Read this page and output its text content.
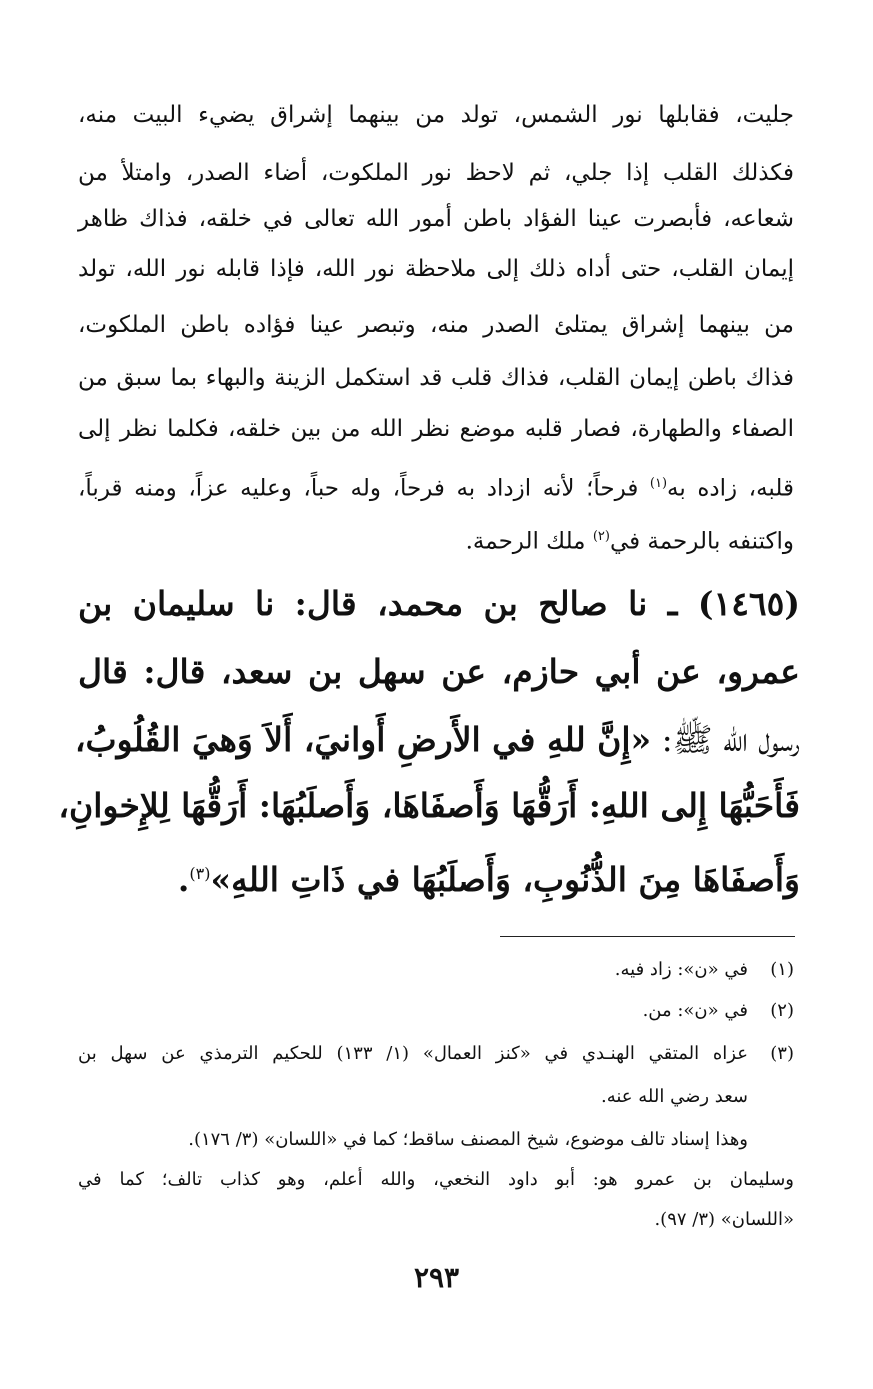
جليت، فقابلها نور الشمس، تولد من بينهما إشراق يضيء البيت منه،
فكذلك القلب إذا جلي، ثم لاحظ نور الملكوت، أضاء الصدر، وامتلأ من
شعاعه، فأبصرت عينا الفؤاد باطن أمور الله تعالى في خلقه، فذاك ظاهر
إيمان القلب، حتى أداه ذلك إلى ملاحظة نور الله، فإذا قابله نور الله، تولد
من بينهما إشراق يمتلئ الصدر منه، وتبصر عينا فؤاده باطن الملكوت،
فذاك باطن إيمان القلب، فذاك قلب قد استكمل الزينة والبهاء بما سبق من
الصفاء والطهارة، فصار قلبه موضع نظر الله من بين خلقه، فكلما نظر إلى
قلبه، زاده به$^{(١)}$ فرحاً؛ لأنه ازداد به فرحاً، وله حباً، وعليه عزاً، ومنه قرباً،
واكتنفه بالرحمة في$^{(٢)}$ ملك الرحمة.
(١٤٦٥) ـ نا صالح بن محمد، قال: نا سليمان بن
عمرو، عن أبي حازم، عن سهل بن سعد، قال: قال
رسول الله ﷺ: «إِنَّ للهِ في الأَرضِ أَوانيَ، أَلاَ وَهيَ القُلُوبُ،
فَأَحَبُّهَا إِلى اللهِ: أَرَقُّهَا وَأَصفَاهَا، وَأَصلَبُهَا: أَرَقُّهَا لِلإِخوانِ،
وَأَصفَاهَا مِنَ الذُّنُوبِ، وَأَصلَبُهَا في ذَاتِ اللهِ»$^{(٣)}$.
(١)
في «ن»: زاد فيه.
(٢)
في «ن»: من.
(٣)
عزاه المتقي الهنـدي في «كنز العمال» (١/ ١٣٣) للحكيم الترمذي عن سهل بن
سعد رضي الله عنه.
وهذا إسناد تالف موضوع، شيخ المصنف ساقط؛ كما في «اللسان» (٣/ ١٧٦).
وسليمان بن عمرو هو: أبو داود النخعي، والله أعلم، وهو كذاب تالف؛ كما في
«اللسان» (٣/ ٩٧).
٢٩٣
